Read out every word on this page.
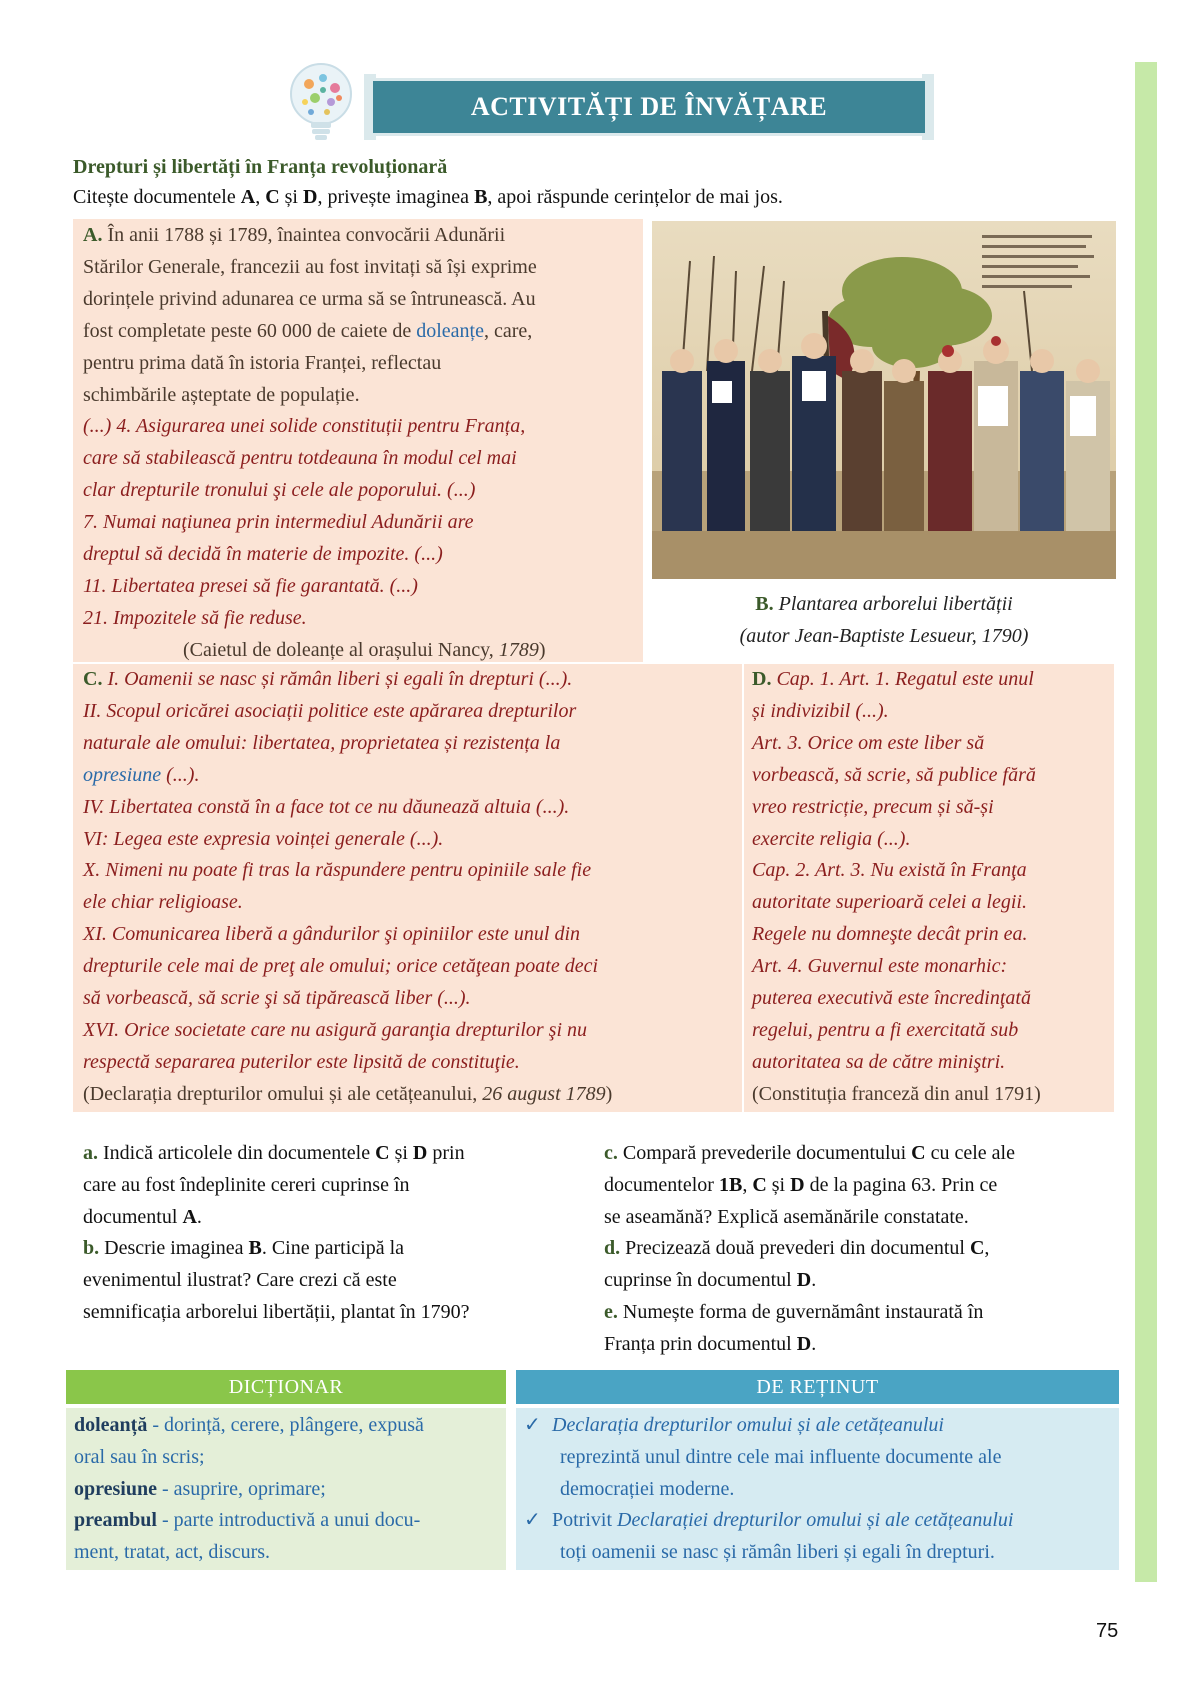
ACTIVITĂȚI DE ÎNVĂȚARE
Drepturi și libertăți în Franța revoluționară
Citește documentele A, C și D, privește imaginea B, apoi răspunde cerințelor de mai jos.
A. În anii 1788 și 1789, înaintea convocării Adunării
Stărilor Generale, francezii au fost invitați să își exprime
dorințele privind adunarea ce urma să se întrunească. Au
fost completate peste 60 000 de caiete de doleanțe, care,
pentru prima dată în istoria Franței, reflectau
schimbările așteptate de populație.
(...) 4. Asigurarea unei solide constituții pentru Franța,
care să stabilească pentru totdeauna în modul cel mai
clar drepturile tronului şi cele ale poporului. (...)
7. Numai naţiunea prin intermediul Adunării are
dreptul să decidă în materie de impozite. (...)
11. Libertatea presei să fie garantată. (...)
21. Impozitele să fie reduse.
(Caietul de doleanțe al orașului Nancy, 1789)
B. Plantarea arborelui libertății
(autor Jean-Baptiste Lesueur, 1790)
C. I. Oamenii se nasc și rămân liberi și egali în drepturi (...).
II. Scopul oricărei asociații politice este apărarea drepturilor
naturale ale omului: libertatea, proprietatea și rezistența la
opresiune (...).
IV. Libertatea constă în a face tot ce nu dăunează altuia (...).
VI: Legea este expresia voinței generale (...).
X. Nimeni nu poate fi tras la răspundere pentru opiniile sale fie
ele chiar religioase.
XI. Comunicarea liberă a gândurilor şi opiniilor este unul din
drepturile cele mai de preţ ale omului; orice cetăţean poate deci
să vorbească, să scrie şi să tipărească liber (...).
XVI. Orice societate care nu asigură garanţia drepturilor şi nu
respectă separarea puterilor este lipsită de constituţie.
(Declarația drepturilor omului și ale cetățeanului, 26 august 1789)
D. Cap. 1. Art. 1. Regatul este unul
și indivizibil (...).
Art. 3. Orice om este liber să
vorbească, să scrie, să publice fără
vreo restricție, precum și să-și
exercite religia (...).
Cap. 2. Art. 3. Nu există în Franţa
autoritate superioară celei a legii.
Regele nu domneşte decât prin ea.
Art. 4. Guvernul este monarhic:
puterea executivă este încredinţată
regelui, pentru a fi exercitată sub
autoritatea sa de către miniştri.
(Constituția franceză din anul 1791)
a. Indică articolele din documentele C și D prin
care au fost îndeplinite cereri cuprinse în
documentul A.
b. Descrie imaginea B. Cine participă la
evenimentul ilustrat? Care crezi că este
semnificația arborelui libertății, plantat în 1790?
c. Compară prevederile documentului C cu cele ale
documentelor 1B, C și D de la pagina 63. Prin ce
se aseamănă? Explică asemănările constatate.
d. Precizează două prevederi din documentul C,
cuprinse în documentul D.
e. Numește forma de guvernământ instaurată în
Franța prin documentul D.
DICȚIONAR
doleanță - dorință, cerere, plângere, expusă
oral sau în scris;
opresiune - asuprire, oprimare;
preambul - parte introductivă a unui docu-
ment, tratat, act, discurs.
DE REȚINUT
✓ Declarația drepturilor omului și ale cetățeanului
reprezintă unul dintre cele mai influente documente ale
democrației moderne.
✓ Potrivit Declarației drepturilor omului și ale cetățeanului
toți oamenii se nasc și rămân liberi și egali în drepturi.
75
